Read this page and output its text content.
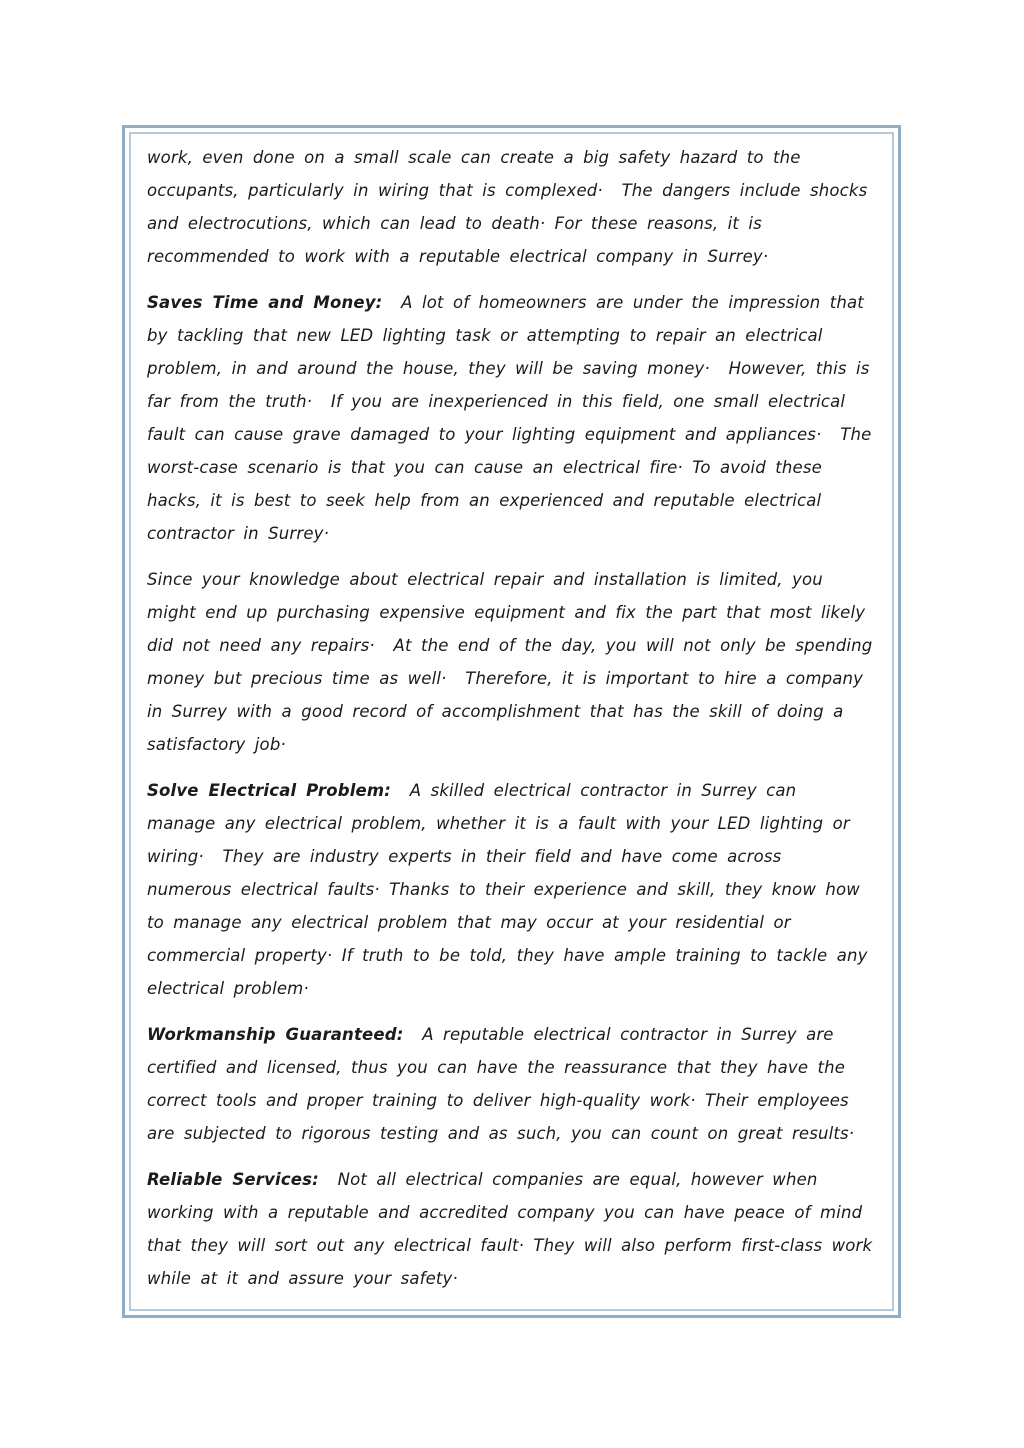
work, even done on a small scale can create a big safety hazard to the occupants, particularly in wiring that is complexed·  The dangers include shocks and electrocutions, which can lead to death· For these reasons, it is recommended to work with a reputable electrical company in Surrey·

Saves Time and Money:  A lot of homeowners are under the impression that by tackling that new LED lighting task or attempting to repair an electrical problem, in and around the house, they will be saving money·  However, this is far from the truth·  If you are inexperienced in this field, one small electrical fault can cause grave damaged to your lighting equipment and appliances·  The worst-case scenario is that you can cause an electrical fire· To avoid these hacks, it is best to seek help from an experienced and reputable electrical contractor in Surrey·

Since your knowledge about electrical repair and installation is limited, you might end up purchasing expensive equipment and fix the part that most likely did not need any repairs·  At the end of the day, you will not only be spending money but precious time as well·  Therefore, it is important to hire a company in Surrey with a good record of accomplishment that has the skill of doing a satisfactory job·

Solve Electrical Problem:  A skilled electrical contractor in Surrey can manage any electrical problem, whether it is a fault with your LED lighting or wiring·  They are industry experts in their field and have come across numerous electrical faults· Thanks to their experience and skill, they know how to manage any electrical problem that may occur at your residential or commercial property· If truth to be told, they have ample training to tackle any electrical problem·

Workmanship Guaranteed:  A reputable electrical contractor in Surrey are certified and licensed, thus you can have the reassurance that they have the correct tools and proper training to deliver high-quality work· Their employees are subjected to rigorous testing and as such, you can count on great results·

Reliable Services:  Not all electrical companies are equal, however when working with a reputable and accredited company you can have peace of mind that they will sort out any electrical fault· They will also perform first-class work while at it and assure your safety·
